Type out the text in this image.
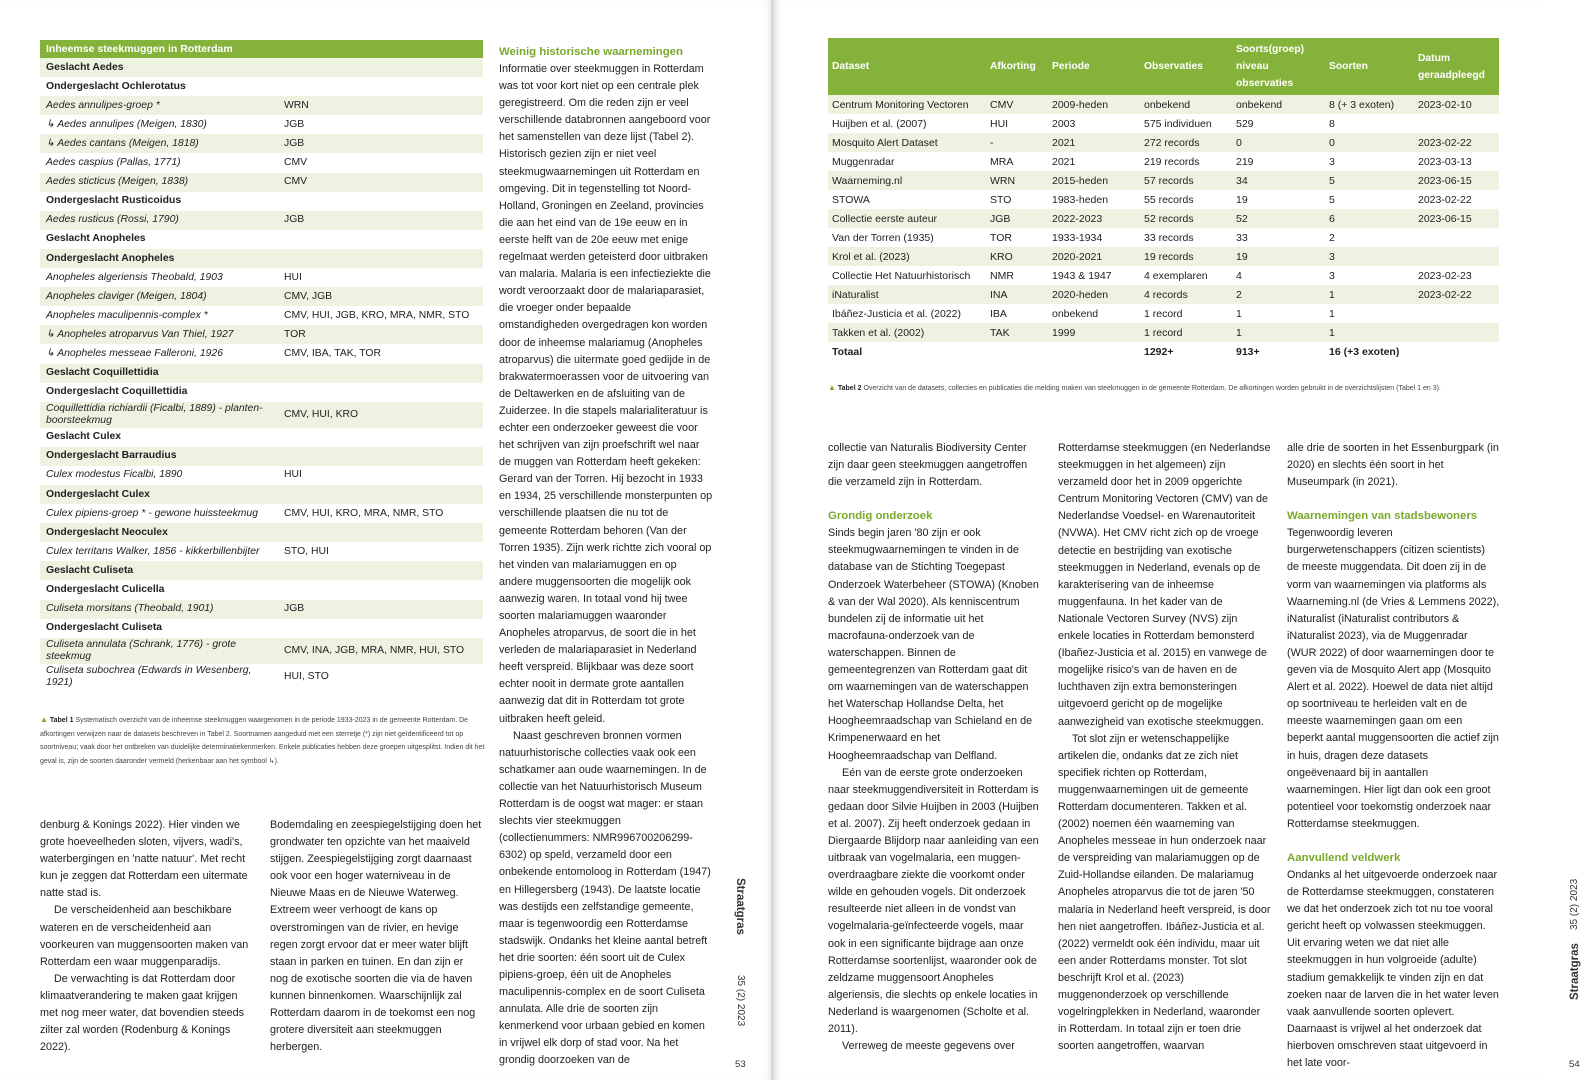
Inheemse steekmuggen in Rotterdam
Geslacht Aedes	
Ondergeslacht Ochlerotatus	
Aedes annulipes-groep *	WRN
↳ Aedes annulipes (Meigen, 1830)	JGB
↳ Aedes cantans (Meigen, 1818)	JGB
Aedes caspius (Pallas, 1771)	CMV
Aedes sticticus (Meigen, 1838)	CMV
Ondergeslacht Rusticoidus	
Aedes rusticus (Rossi, 1790)	JGB
Geslacht Anopheles	
Ondergeslacht Anopheles	
Anopheles algeriensis Theobald, 1903	HUI
Anopheles claviger (Meigen, 1804)	CMV, JGB
Anopheles maculipennis-complex *	CMV, HUI, JGB, KRO, MRA, NMR, STO
↳ Anopheles atroparvus Van Thiel, 1927	TOR
↳ Anopheles messeae Falleroni, 1926	CMV, IBA, TAK, TOR
Geslacht Coquillettidia	
Ondergeslacht Coquillettidia	
Coquillettidia richiardii (Ficalbi, 1889) - planten-boorsteekmug	CMV, HUI, KRO
Geslacht Culex	
Ondergeslacht Barraudius	
Culex modestus Ficalbi, 1890	HUI
Ondergeslacht Culex	
Culex pipiens-groep * - gewone huissteekmug	CMV, HUI, KRO, MRA, NMR, STO
Ondergeslacht Neoculex	
Culex territans Walker, 1856 - kikkerbillenbijter	STO, HUI
Geslacht Culiseta	
Ondergeslacht Culicella	
Culiseta morsitans (Theobald, 1901)	JGB
Ondergeslacht Culiseta	
Culiseta annulata (Schrank, 1776) - grote steekmug	CMV, INA, JGB, MRA, NMR, HUI, STO
Culiseta subochrea (Edwards in Wesenberg, 1921)	HUI, STO
▲ Tabel 1 Systematisch overzicht van de inheemse steekmuggen waargenomen in de periode 1933-2023 in de gemeente Rotterdam. De afkortingen verwijzen naar de datasets beschreven in Tabel 2. Soortnamen aangeduid met een sterretje (*) zijn niet geïdentificeerd tot op soortniveau; vaak door het ontbreken van duidelijke determinatiekenmerken. Enkele publicaties hebben deze groepen uitgesplitst. Indien dit het geval is, zijn de soorten daaronder vermeld (herkenbaar aan het symbool ↳).

denburg & Konings 2022). Hier vinden we grote hoeveelheden sloten, vijvers, wadi's, waterbergingen en 'natte natuur'. Met recht kun je zeggen dat Rotterdam een uitermate natte stad is.

De verscheidenheid aan beschikbare wateren en de verscheidenheid aan voorkeuren van muggensoorten maken van Rotterdam een waar muggenparadijs.

De verwachting is dat Rotterdam door klimaatverandering te maken gaat krijgen met nog meer water, dat bovendien steeds zilter zal worden (Rodenburg & Konings 2022).

Bodemdaling en zeespiegelstijging doen het grondwater ten opzichte van het maaiveld stijgen. Zeespiegelstijging zorgt daarnaast ook voor een hoger waterniveau in de Nieuwe Maas en de Nieuwe Waterweg. Extreem weer verhoogt de kans op overstromingen van de rivier, en hevige regen zorgt ervoor dat er meer water blijft staan in parken en tuinen. En dan zijn er nog de exotische soorten die via de haven kunnen binnenkomen. Waarschijnlijk zal Rotterdam daarom in de toekomst een nog grotere diversiteit aan steekmuggen herbergen.

Weinig historische waarnemingen

Informatie over steekmuggen in Rotterdam was tot voor kort niet op een centrale plek geregistreerd. Om die reden zijn er veel verschillende databronnen aangeboord voor het samenstellen van deze lijst (Tabel 2). Historisch gezien zijn er niet veel steekmugwaarnemingen uit Rotterdam en omgeving. Dit in tegenstelling tot Noord-Holland, Groningen en Zeeland, provincies die aan het eind van de 19e eeuw en in eerste helft van de 20e eeuw met enige regelmaat werden geteisterd door uitbraken van malaria. Malaria is een infectieziekte die wordt veroorzaakt door de malariaparasiet, die vroeger onder bepaalde omstandigheden overgedragen kon worden door de inheemse malariamug (Anopheles atroparvus) die uitermate goed gedijde in de brakwatermoerassen voor de uitvoering van de Deltawerken en de afsluiting van de Zuiderzee. In die stapels malarialiteratuur is echter een onderzoeker geweest die voor het schrijven van zijn proefschrift wel naar de muggen van Rotterdam heeft gekeken: Gerard van der Torren. Hij bezocht in 1933 en 1934, 25 verschillende monsterpunten op verschillende plaatsen die nu tot de gemeente Rotterdam behoren (Van der Torren 1935). Zijn werk richtte zich vooral op het vinden van malariamuggen en op andere muggensoorten die mogelijk ook aanwezig waren. In totaal vond hij twee soorten malariamuggen waaronder Anopheles atroparvus, de soort die in het verleden de malariaparasiet in Nederland heeft verspreid. Blijkbaar was deze soort echter nooit in dermate grote aantallen aanwezig dat dit in Rotterdam tot grote uitbraken heeft geleid.

Naast geschreven bronnen vormen natuurhistorische collecties vaak ook een schatkamer aan oude waarnemingen. In de collectie van het Natuurhistorisch Museum Rotterdam is de oogst wat mager: er staan slechts vier steekmuggen (collectienummers: NMR996700206299-6302) op speld, verzameld door een onbekende entomoloog in Rotterdam (1947) en Hillegersberg (1943). De laatste locatie was destijds een zelfstandige gemeente, maar is tegenwoordig een Rotterdamse stadswijk. Ondanks het kleine aantal betreft het drie soorten: één soort uit de Culex pipiens-groep, één uit de Anopheles maculipennis-complex en de soort Culiseta annulata. Alle drie de soorten zijn kenmerkend voor urbaan gebied en komen in vrijwel elk dorp of stad voor. Na het grondig doorzoeken van de

Straatgras
35 (2) 2023
53
Straatgras
35 (2) 2023
54
Dataset	Afkorting	Periode	Observaties	Soorts(groep) niveau observaties	Soorten	Datum geraadpleegd
Centrum Monitoring Vectoren	CMV	2009-heden	onbekend	onbekend	8 (+ 3 exoten)	2023-02-10
Huijben et al. (2007)	HUI	2003	575 individuen	529	8	
Mosquito Alert Dataset	-	2021	272 records	0	0	2023-02-22
Muggenradar	MRA	2021	219 records	219	3	2023-03-13
Waarneming.nl	WRN	2015-heden	57 records	34	5	2023-06-15
STOWA	STO	1983-heden	55 records	19	5	2023-02-22
Collectie eerste auteur	JGB	2022-2023	52 records	52	6	2023-06-15
Van der Torren (1935)	TOR	1933-1934	33 records	33	2	
Krol et al. (2023)	KRO	2020-2021	19 records	19	3	
Collectie Het Natuurhistorisch	NMR	1943 & 1947	4 exemplaren	4	3	2023-02-23
iNaturalist	INA	2020-heden	4 records	2	1	2023-02-22
Ibáñez-Justicia et al. (2022)	IBA	onbekend	1 record	1	1	
Takken et al. (2002)	TAK	1999	1 record	1	1	
Totaal			1292+	913+	16 (+3 exoten)	
▲ Tabel 2 Overzicht van de datasets, collecties en publicaties die melding maken van steekmuggen in de gemeente Rotterdam. De afkortingen worden gebruikt in de overzichtslijsten (Tabel 1 en 3).

collectie van Naturalis Biodiversity Center zijn daar geen steekmuggen aangetroffen die verzameld zijn in Rotterdam.

Grondig onderzoek

Sinds begin jaren '80 zijn er ook steekmugwaarnemingen te vinden in de database van de Stichting Toegepast Onderzoek Waterbeheer (STOWA) (Knoben & van der Wal 2020). Als kenniscentrum bundelen zij de informatie uit het macrofauna-onderzoek van de waterschappen. Binnen de gemeentegrenzen van Rotterdam gaat dit om waarnemingen van de waterschappen het Waterschap Hollandse Delta, het Hoogheemraadschap van Schieland en de Krimpenerwaard en het Hoogheemraadschap van Delfland.

Eén van de eerste grote onderzoeken naar steekmuggendiversiteit in Rotterdam is gedaan door Silvie Huijben in 2003 (Huijben et al. 2007). Zij heeft onderzoek gedaan in Diergaarde Blijdorp naar aanleiding van een uitbraak van vogelmalaria, een muggen-overdraagbare ziekte die voorkomt onder wilde en gehouden vogels. Dit onderzoek resulteerde niet alleen in de vondst van vogelmalaria-geïnfecteerde vogels, maar ook in een significante bijdrage aan onze Rotterdamse soortenlijst, waaronder ook de zeldzame muggensoort Anopheles algeriensis, die slechts op enkele locaties in Nederland is waargenomen (Scholte et al. 2011).

Verreweg de meeste gegevens over

Rotterdamse steekmuggen (en Nederlandse steekmuggen in het algemeen) zijn verzameld door het in 2009 opgerichte Centrum Monitoring Vectoren (CMV) van de Nederlandse Voedsel- en Warenautoriteit (NVWA). Het CMV richt zich op de vroege detectie en bestrijding van exotische steekmuggen in Nederland, evenals op de karakterisering van de inheemse muggenfauna. In het kader van de Nationale Vectoren Survey (NVS) zijn enkele locaties in Rotterdam bemonsterd (Ibañez-Justicia et al. 2015) en vanwege de mogelijke risico's van de haven en de luchthaven zijn extra bemonsteringen uitgevoerd gericht op de mogelijke aanwezigheid van exotische steekmuggen.

Tot slot zijn er wetenschappelijke artikelen die, ondanks dat ze zich niet specifiek richten op Rotterdam, muggenwaarnemingen uit de gemeente Rotterdam documenteren. Takken et al. (2002) noemen één waarneming van Anopheles messeae in hun onderzoek naar de verspreiding van malariamuggen op de Zuid-Hollandse eilanden. De malariamug Anopheles atroparvus die tot de jaren '50 malaria in Nederland heeft verspreid, is door hen niet aangetroffen. Ibáñez-Justicia et al. (2022) vermeldt ook één individu, maar uit een ander Rotterdams monster. Tot slot beschrijft Krol et al. (2023) muggenonderzoek op verschillende vogelringplekken in Nederland, waaronder in Rotterdam. In totaal zijn er toen drie soorten aangetroffen, waarvan

alle drie de soorten in het Essenburgpark (in 2020) en slechts één soort in het Museumpark (in 2021).

Waarnemingen van stadsbewoners

Tegenwoordig leveren burgerwetenschappers (citizen scientists) de meeste muggendata. Dit doen zij in de vorm van waarnemingen via platforms als Waarneming.nl (de Vries & Lemmens 2022), iNaturalist (iNaturalist contributors & iNaturalist 2023), via de Muggenradar (WUR 2022) of door waarnemingen door te geven via de Mosquito Alert app (Mosquito Alert et al. 2022). Hoewel de data niet altijd op soortniveau te herleiden valt en de meeste waarnemingen gaan om een beperkt aantal muggensoorten die actief zijn in huis, dragen deze datasets ongeëvenaard bij in aantallen waarnemingen. Hier ligt dan ook een groot potentieel voor toekomstig onderzoek naar Rotterdamse steekmuggen.

Aanvullend veldwerk

Ondanks al het uitgevoerde onderzoek naar de Rotterdamse steekmuggen, constateren we dat het onderzoek zich tot nu toe vooral gericht heeft op volwassen steekmuggen. Uit ervaring weten we dat niet alle steekmuggen in hun volgroeide (adulte) stadium gemakkelijk te vinden zijn en dat zoeken naar de larven die in het water leven vaak aanvullende soorten oplevert. Daarnaast is vrijwel al het onderzoek dat hierboven omschreven staat uitgevoerd in het late voor-
